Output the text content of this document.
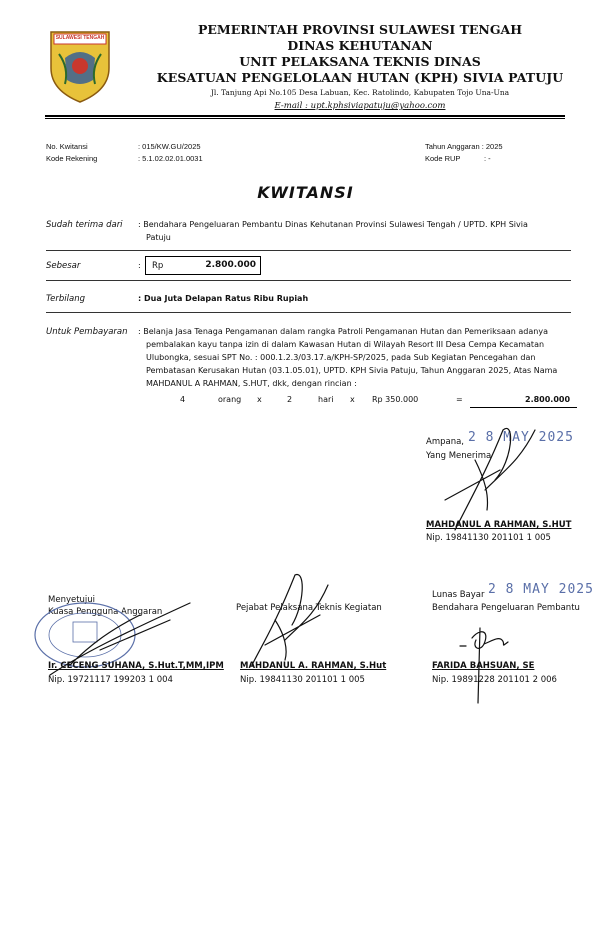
SULAWESI TENGAH
PEMERINTAH PROVINSI SULAWESI TENGAH
DINAS KEHUTANAN
UNIT PELAKSANA TEKNIS DINAS
KESATUAN PENGELOLAAN HUTAN (KPH) SIVIA PATUJU
Jl. Tanjung Api No.105 Desa Labuan, Kec. Ratolindo, Kabupaten Tojo Una-Una
E-mail : upt.kphsiviapatuju@yahoo.com
No. Kwitansi	: 015/KW.GU/2025
Kode Rekening	: 5.1.02.02.01.0031
Tahun Anggaran : 2025
Kode RUP	: -
KWITANSI
Sudah terima dari : Bendahara Pengeluaran Pembantu Dinas Kehutanan Provinsi Sulawesi Tengah / UPTD. KPH Sivia
Patuju
Sebesar	: Rp	2.800.000
Terbilang	: Dua Juta Delapan Ratus Ribu Rupiah
Untuk Pembayaran : Belanja Jasa Tenaga Pengamanan dalam rangka Patroli Pengamanan Hutan dan Pemeriksaan adanya
pembalakan kayu tanpa izin di dalam Kawasan Hutan di Wilayah Resort III Desa Cempa Kecamatan
Ulubongka, sesuai SPT No. : 000.1.2.3/03.17.a/KPH-SP/2025, pada Sub Kegiatan Pencegahan dan
Pembatasan Kerusakan Hutan (03.1.05.01), UPTD. KPH Sivia Patuju, Tahun Anggaran 2025, Atas Nama
MAHDANUL A RAHMAN, S.HUT, dkk, dengan rincian :
4	orang x	2	hari x Rp 350.000	=	2.800.000
Ampana, 2 8 MAY 2025
Yang Menerima
MAHDANUL A RAHMAN, S.HUT
Nip. 19841130 201101 1 005
Menyetujui
Kuasa Pengguna Anggaran
Ir. CECENG SUHANA, S.Hut.T,MM,IPM
Nip. 19721117 199203 1 004
Pejabat Pelaksana Teknis Kegiatan
MAHDANUL A. RAHMAN, S.Hut
Nip. 19841130 201101 1 005
Lunas Bayar 2 8 MAY 2025
Bendahara Pengeluaran Pembantu
FARIDA BAHSUAN, SE
Nip. 19891228 201101 2 006
